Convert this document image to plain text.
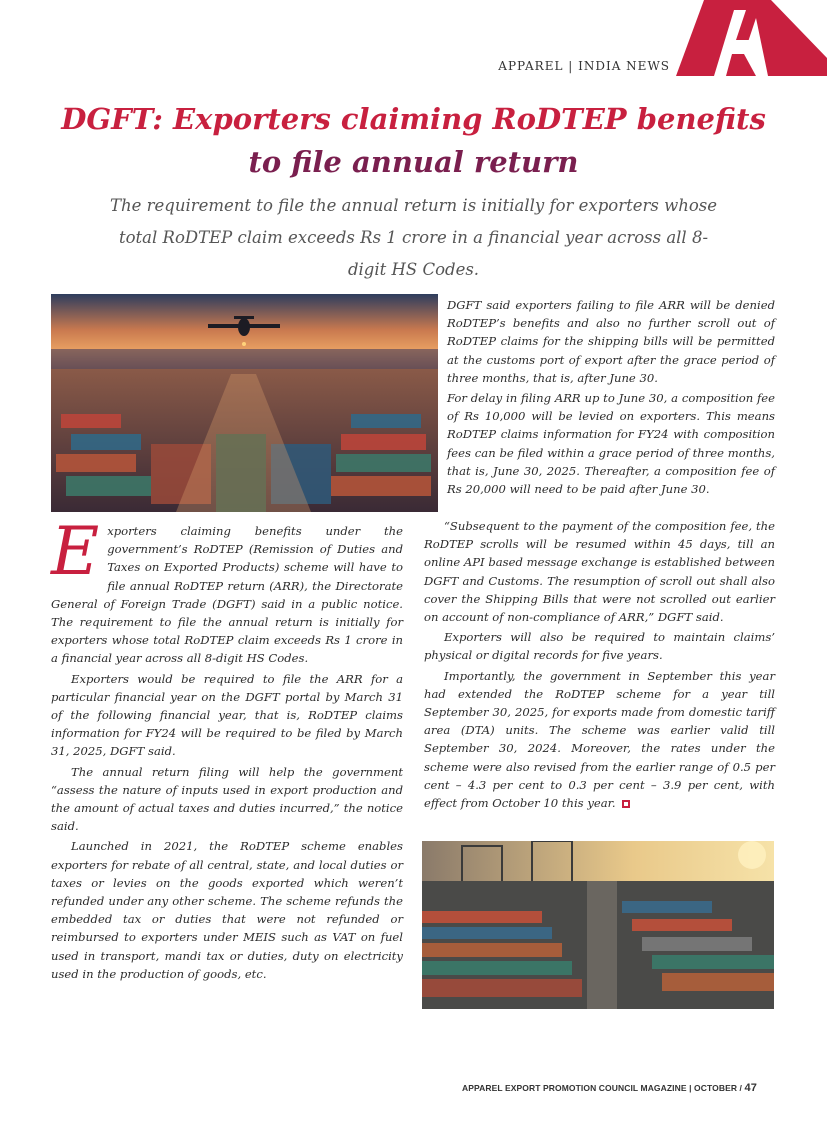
APPAREL | INDIA NEWS
DGFT: Exporters claiming RoDTEP benefits
to file annual return
The requirement to file the annual return is initially for exporters whose total RoDTEP claim exceeds Rs 1 crore in a financial year across all 8-digit HS Codes.

Exporters claiming benefits under the government’s RoDTEP (Remission of Duties and Taxes on Exported Products) scheme will have to file annual RoDTEP return (ARR), the Directorate General of Foreign Trade (DGFT) said in a public notice. The requirement to file the annual return is initially for exporters whose total RoDTEP claim exceeds Rs 1 crore in a financial year across all 8-digit HS Codes.

Exporters would be required to file the ARR for a particular financial year on the DGFT portal by March 31 of the following financial year, that is, RoDTEP claims information for FY24 will be required to be filed by March 31, 2025, DGFT said.

The annual return filing will help the government “assess the nature of inputs used in export production and the amount of actual taxes and duties incurred,” the notice said.

Launched in 2021, the RoDTEP scheme enables exporters for rebate of all central, state, and local duties or taxes or levies on the goods exported which weren’t refunded under any other scheme. The scheme refunds the embedded tax or duties that were not refunded or reimbursed to exporters under MEIS such as VAT on fuel used in transport, mandi tax or duties, duty on electricity used in the production of goods, etc.

DGFT said exporters failing to file ARR will be denied RoDTEP’s benefits and also no further scroll out of RoDTEP claims for the shipping bills will be permitted at the customs port of export after the grace period of three months, that is, after June 30.

For delay in filing ARR up to June 30, a composition fee of Rs 10,000 will be levied on exporters. This means RoDTEP claims information for FY24 with composition fees can be filed within a grace period of three months, that is, June 30, 2025. Thereafter, a composition fee of Rs 20,000 will need to be paid after June 30.

“Subsequent to the payment of the composition fee, the RoDTEP scrolls will be resumed within 45 days, till an online API based message exchange is established between DGFT and Customs. The resumption of scroll out shall also cover the Shipping Bills that were not scrolled out earlier on account of non-compliance of ARR,” DGFT said.

Exporters will also be required to maintain claims’ physical or digital records for five years.

Importantly, the government in September this year had extended the RoDTEP scheme for a year till September 30, 2025, for exports made from domestic tariff area (DTA) units. The scheme was earlier valid till September 30, 2024. Moreover, the rates under the scheme were also revised from the earlier range of 0.5 per cent – 4.3 per cent to 0.3 per cent – 3.9 per cent, with effect from October 10 this year.

APPAREL EXPORT PROMOTION COUNCIL MAGAZINE | OCTOBER / 47
